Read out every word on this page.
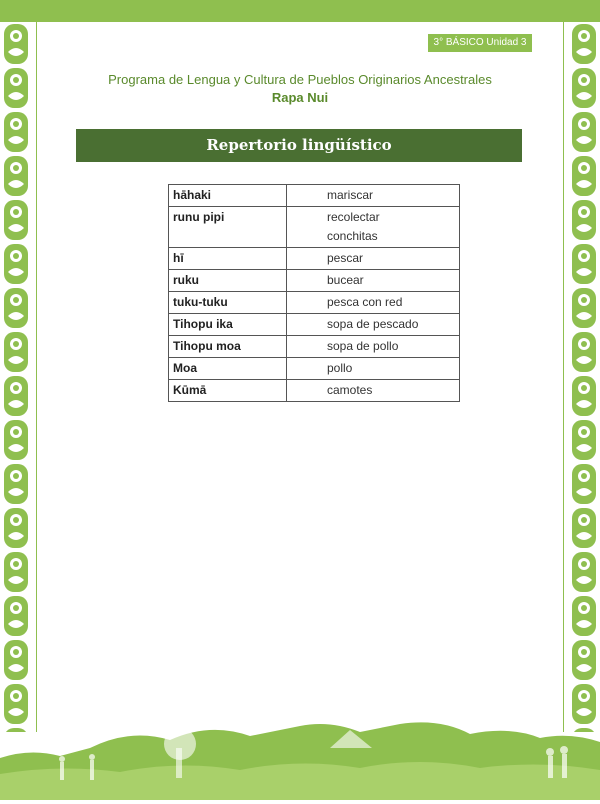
3° BÁSICO Unidad 3
Programa de Lengua y Cultura de Pueblos Originarios Ancestrales
Rapa Nui
Repertorio lingüístico
hāhaki	mariscar
runu pipi	recolectar
conchitas
hī	pescar
ruku	bucear
tuku-tuku	pesca con red
Tihopu ika	sopa de pescado
Tihopu moa	sopa de pollo
Moa	pollo
Kūmā	camotes
